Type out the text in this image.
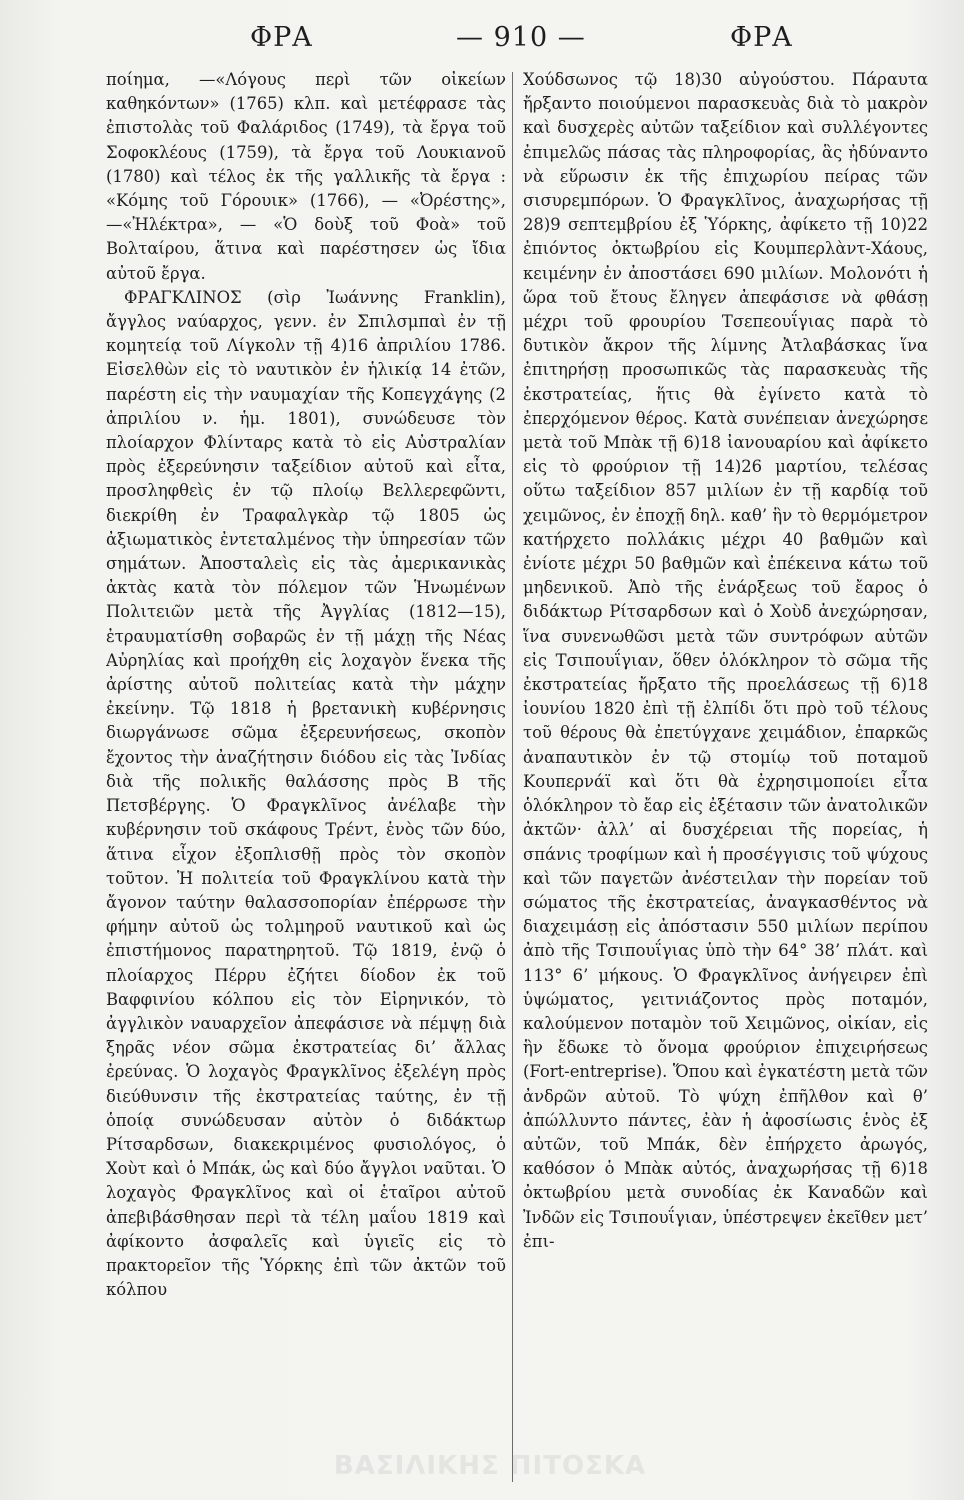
ΦΡΑ	— 910 —	ΦΡΑ

ποίημα, —«Λόγους περὶ τῶν οἰκείων καθηκόντων» (1765) κλπ. καὶ μετέφρασε τὰς ἐπιστολὰς τοῦ Φαλάριδος (1749), τὰ ἔργα τοῦ Σοφοκλέους (1759), τὰ ἔργα τοῦ Λουκιανοῦ (1780) καὶ τέλος ἐκ τῆς γαλλικῆς τὰ ἔργα : «Κόμης τοῦ Γόρουικ» (1766), — «Ὀρέστης», —«Ἠλέκτρα», — «Ὁ δοὺξ τοῦ Φοὰ» τοῦ Βολταίρου, ἅτινα καὶ παρέστησεν ὡς ἴδια αὐτοῦ ἔργα.

ΦΡΑΓΚΛΙΝΟΣ (σὶρ Ἰωάννης Franklin), ἄγγλος ναύαρχος, γενν. ἐν Σπιλσμπαὶ ἐν τῇ κομητείᾳ τοῦ Λίγκολν τῇ 4)16 ἀπριλίου 1786. Εἰσελθὼν εἰς τὸ ναυτικὸν ἐν ἡλικίᾳ 14 ἐτῶν, παρέστη εἰς τὴν ναυμαχίαν τῆς Κοπεγχάγης (2 ἀπριλίου ν. ἡμ. 1801), συνώδευσε τὸν πλοίαρχον Φλίνταρς κατὰ τὸ εἰς Αὐστραλίαν πρὸς ἐξερεύνησιν ταξείδιον αὐτοῦ καὶ εἶτα, προσληφθεὶς ἐν τῷ πλοίῳ Βελλερεφῶντι, διεκρίθη ἐν Τραφαλγκὰρ τῷ 1805 ὡς ἀξιωματικὸς ἐντεταλμένος τὴν ὑπηρεσίαν τῶν σημάτων. Ἀποσταλεὶς εἰς τὰς ἀμερικανικὰς ἀκτὰς κατὰ τὸν πόλεμον τῶν Ἡνωμένων Πολιτειῶν μετὰ τῆς Ἀγγλίας (1812—15), ἐτραυματίσθη σοβαρῶς ἐν τῇ μάχῃ τῆς Νέας Αὐρηλίας καὶ προήχθη εἰς λοχαγὸν ἕνεκα τῆς ἀρίστης αὐτοῦ πολιτείας κατὰ τὴν μάχην ἐκείνην. Τῷ 1818 ἡ βρετανικὴ κυβέρνησις διωργάνωσε σῶμα ἐξερευνήσεως, σκοπὸν ἔχοντος τὴν ἀναζήτησιν διόδου εἰς τὰς Ἰνδίας διὰ τῆς πολικῆς θαλάσσης πρὸς Β τῆς Πετσβέργης. Ὁ Φραγκλῖνος ἀνέλαβε τὴν κυβέρνησιν τοῦ σκάφους Τρέντ, ἑνὸς τῶν δύο, ἅτινα εἶχον ἐξοπλισθῇ πρὸς τὸν σκοπὸν τοῦτον. Ἡ πολιτεία τοῦ Φραγκλίνου κατὰ τὴν ἄγονον ταύτην θαλασσοπορίαν ἐπέρρωσε τὴν φήμην αὐτοῦ ὡς τολμηροῦ ναυτικοῦ καὶ ὡς ἐπιστήμονος παρατηρητοῦ. Τῷ 1819, ἐνῷ ὁ πλοίαρχος Πέρρυ ἐζήτει δίοδον ἐκ τοῦ Βαφφινίου κόλπου εἰς τὸν Εἰρηνικόν, τὸ ἀγγλικὸν ναυαρχεῖον ἀπεφάσισε νὰ πέμψῃ διὰ ξηρᾶς νέον σῶμα ἐκστρατείας δι’ ἄλλας ἐρεύνας. Ὁ λοχαγὸς Φραγκλῖνος ἐξελέγη πρὸς διεύθυνσιν τῆς ἐκστρατείας ταύτης, ἐν τῇ ὁποίᾳ συνώδευσαν αὐτὸν ὁ διδάκτωρ Ρίτσαρδσων, διακεκριμένος φυσιολόγος, ὁ Χοὺτ καὶ ὁ Μπάκ, ὡς καὶ δύο ἄγγλοι ναῦται. Ὁ λοχαγὸς Φραγκλῖνος καὶ οἱ ἑταῖροι αὐτοῦ ἀπεβιβάσθησαν περὶ τὰ τέλη μαΐου 1819 καὶ ἀφίκοντο ἀσφαλεῖς καὶ ὑγιεῖς εἰς τὸ πρακτορεῖον τῆς Ὑόρκης ἐπὶ τῶν ἀκτῶν τοῦ κόλπου

Χούδσωνος τῷ 18)30 αὐγούστου. Πάραυτα ἤρξαντο ποιούμενοι παρασκευὰς διὰ τὸ μακρὸν καὶ δυσχερὲς αὐτῶν ταξείδιον καὶ συλλέγοντες ἐπιμελῶς πάσας τὰς πληροφορίας, ἃς ἠδύναντο νὰ εὕρωσιν ἐκ τῆς ἐπιχωρίου πείρας τῶν σισυρεμπόρων. Ὁ Φραγκλῖνος, ἀναχωρήσας τῇ 28)9 σεπτεμβρίου ἐξ Ὑόρκης, ἀφίκετο τῇ 10)22 ἐπιόντος ὀκτωβρίου εἰς Κουμπερλὰντ-Χάους, κειμένην ἐν ἀποστάσει 690 μιλίων. Μολονότι ἡ ὥρα τοῦ ἔτους ἔληγεν ἀπεφάσισε νὰ φθάσῃ μέχρι τοῦ φρουρίου Τσεπεουΐγιας παρὰ τὸ δυτικὸν ἄκρον τῆς λίμνης Ἀτλαβάσκας ἵνα ἐπιτηρήσῃ προσωπικῶς τὰς παρασκευὰς τῆς ἐκστρατείας, ἥτις θὰ ἐγίνετο κατὰ τὸ ἐπερχόμενον θέρος. Κατὰ συνέπειαν ἀνεχώρησε μετὰ τοῦ Μπὰκ τῇ 6)18 ἰανουαρίου καὶ ἀφίκετο εἰς τὸ φρούριον τῇ 14)26 μαρτίου, τελέσας οὕτω ταξείδιον 857 μιλίων ἐν τῇ καρδίᾳ τοῦ χειμῶνος, ἐν ἐποχῇ δηλ. καθ’ ἣν τὸ θερμόμετρον κατήρχετο πολλάκις μέχρι 40 βαθμῶν καὶ ἐνίοτε μέχρι 50 βαθμῶν καὶ ἐπέκεινα κάτω τοῦ μηδενικοῦ. Ἀπὸ τῆς ἐνάρξεως τοῦ ἔαρος ὁ διδάκτωρ Ρίτσαρδσων καὶ ὁ Χοὺδ ἀνεχώρησαν, ἵνα συνενωθῶσι μετὰ τῶν συντρόφων αὐτῶν εἰς Τσιπουΐγιαν, ὅθεν ὁλόκληρον τὸ σῶμα τῆς ἐκστρατείας ἤρξατο τῆς προελάσεως τῇ 6)18 ἰουνίου 1820 ἐπὶ τῇ ἐλπίδι ὅτι πρὸ τοῦ τέλους τοῦ θέρους θὰ ἐπετύγχανε χειμάδιον, ἐπαρκῶς ἀναπαυτικὸν ἐν τῷ στομίῳ τοῦ ποταμοῦ Κουπερνάϊ καὶ ὅτι θὰ ἐχρησιμοποίει εἶτα ὁλόκληρον τὸ ἔαρ εἰς ἐξέτασιν τῶν ἀνατολικῶν ἀκτῶν· ἀλλ’ αἱ δυσχέρειαι τῆς πορείας, ἡ σπάνις τροφίμων καὶ ἡ προσέγγισις τοῦ ψύχους καὶ τῶν παγετῶν ἀνέστειλαν τὴν πορείαν τοῦ σώματος τῆς ἐκστρατείας, ἀναγκασθέντος νὰ διαχειμάσῃ εἰς ἀπόστασιν 550 μιλίων περίπου ἀπὸ τῆς Τσιπουΐγιας ὑπὸ τὴν 64° 38’ πλάτ. καὶ 113° 6’ μήκους. Ὁ Φραγκλῖνος ἀνήγειρεν ἐπὶ ὑψώματος, γειτνιάζοντος πρὸς ποταμόν, καλούμενον ποταμὸν τοῦ Χειμῶνος, οἰκίαν, εἰς ἣν ἔδωκε τὸ ὄνομα φρούριον ἐπιχειρήσεως (Fort-entreprise). Ὅπου καὶ ἐγκατέστη μετὰ τῶν ἀνδρῶν αὐτοῦ. Τὸ ψύχη ἐπῆλθον καὶ θ’ ἀπώλλυντο πάντες, ἐὰν ἡ ἀφοσίωσις ἑνὸς ἐξ αὐτῶν, τοῦ Μπάκ, δὲν ἐπήρχετο ἀρωγός, καθόσον ὁ Μπὰκ αὐτός, ἀναχωρήσας τῇ 6)18 ὀκτωβρίου μετὰ συνοδίας ἐκ Καναδῶν καὶ Ἰνδῶν εἰς Τσιπουΐγιαν, ὑπέστρεψεν ἐκεῖθεν μετ’ ἐπι-

ΒΑΣΙΛΙΚΗΣ ΠΙΤΟΣΚΑ
